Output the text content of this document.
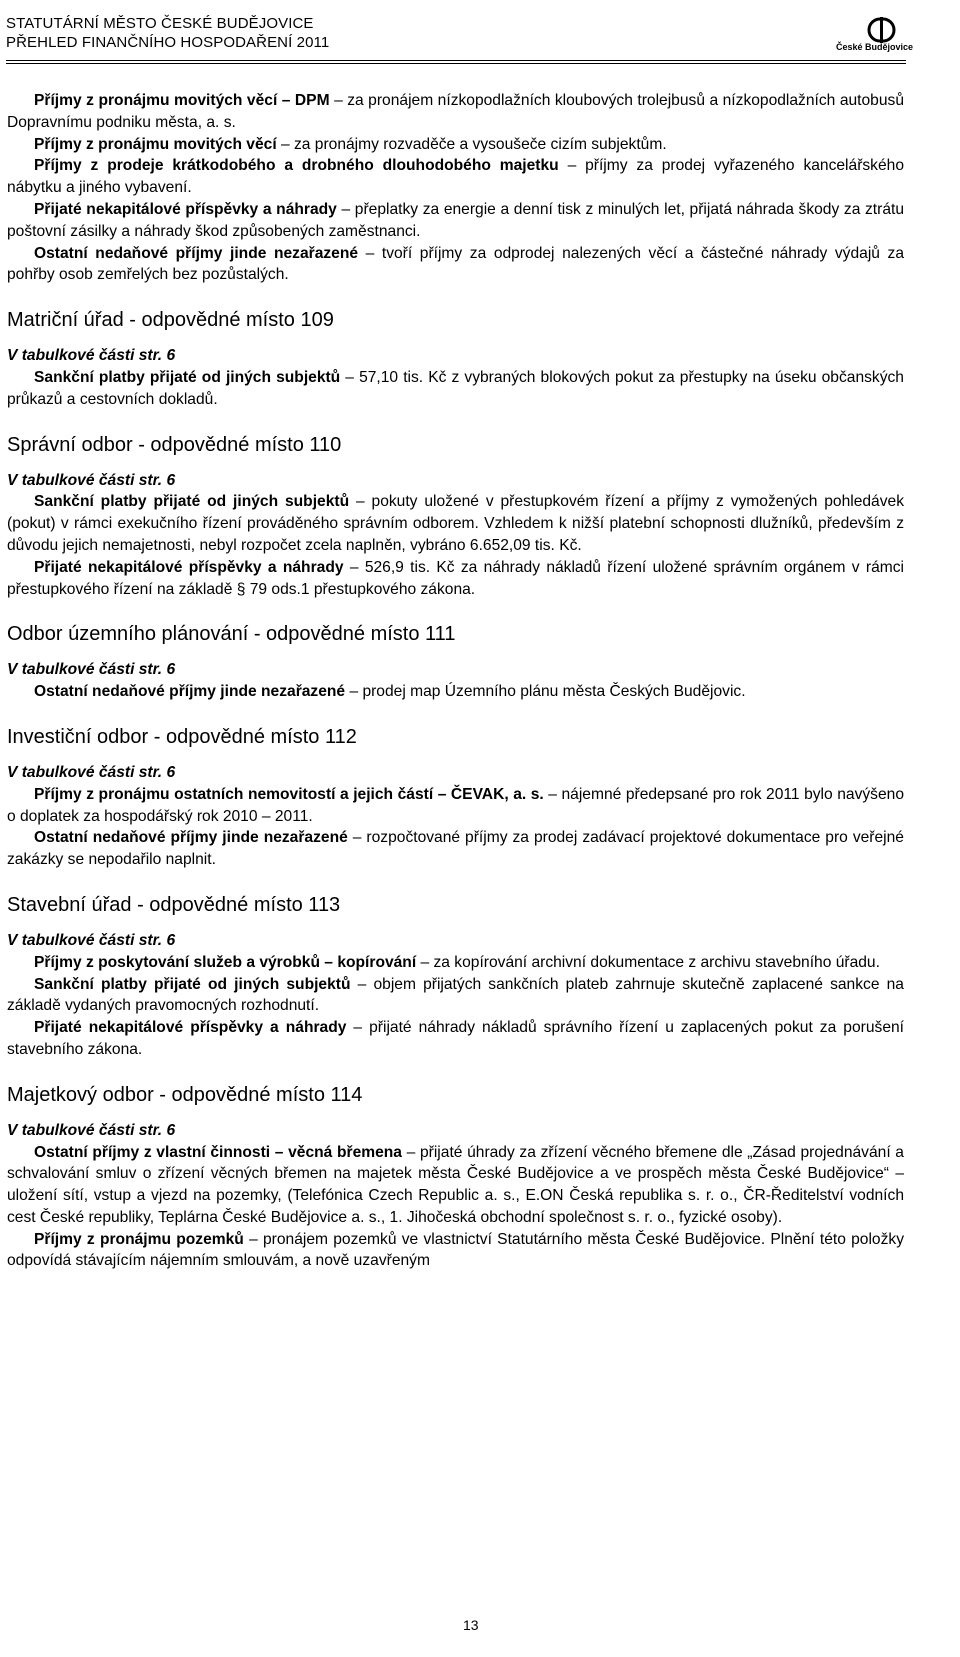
STATUTÁRNÍ MĚSTO ČESKÉ BUDĚJOVICE
PŘEHLED FINANČNÍHO HOSPODAŘENÍ 2011	České Budějovice

Příjmy z pronájmu movitých věcí – DPM – za pronájem nízkopodlažních kloubových trolejbusů a nízkopodlažních autobusů Dopravnímu podniku města, a. s.

Příjmy z pronájmu movitých věcí – za pronájmy rozvaděče a vysoušeče cizím subjektům.

Příjmy z prodeje krátkodobého a drobného dlouhodobého majetku – příjmy za prodej vyřazeného kancelářského nábytku a jiného vybavení.

Přijaté nekapitálové příspěvky a náhrady – přeplatky za energie a denní tisk z minulých let, přijatá náhrada škody za ztrátu poštovní zásilky a náhrady škod způsobených zaměstnanci.

Ostatní nedaňové příjmy jinde nezařazené – tvoří příjmy za odprodej nalezených věcí a částečné náhrady výdajů za pohřby osob zemřelých bez pozůstalých.

Matriční úřad - odpovědné místo 109

V tabulkové části str. 6

Sankční platby přijaté od jiných subjektů – 57,10 tis. Kč z vybraných blokových pokut za přestupky na úseku občanských průkazů a cestovních dokladů.

Správní odbor - odpovědné místo 110

V tabulkové části str. 6

Sankční platby přijaté od jiných subjektů – pokuty uložené v přestupkovém řízení a příjmy z vymožených pohledávek (pokut) v rámci exekučního řízení prováděného správním odborem. Vzhledem k nižší platební schopnosti dlužníků, především z důvodu jejich nemajetnosti, nebyl rozpočet zcela naplněn, vybráno 6.652,09 tis. Kč.

Přijaté nekapitálové příspěvky a náhrady – 526,9 tis. Kč za náhrady nákladů řízení uložené správním orgánem v rámci přestupkového řízení na základě § 79 ods.1 přestupkového zákona.

Odbor územního plánování - odpovědné místo 111

V tabulkové části str. 6

Ostatní nedaňové příjmy jinde nezařazené – prodej map Územního plánu města Českých Budějovic.

Investiční odbor - odpovědné místo 112

V tabulkové části str. 6

Příjmy z pronájmu ostatních nemovitostí a jejich částí – ČEVAK, a. s. – nájemné předepsané pro rok 2011 bylo navýšeno o doplatek za hospodářský rok 2010 – 2011.

Ostatní nedaňové příjmy jinde nezařazené – rozpočtované příjmy za prodej zadávací projektové dokumentace pro veřejné zakázky se nepodařilo naplnit.

Stavební úřad - odpovědné místo 113

V tabulkové části str. 6

Příjmy z poskytování služeb a výrobků – kopírování – za kopírování archivní dokumentace z archivu stavebního úřadu.

Sankční platby přijaté od jiných subjektů – objem přijatých sankčních plateb zahrnuje skutečně zaplacené sankce na základě vydaných pravomocných rozhodnutí.

Přijaté nekapitálové příspěvky a náhrady – přijaté náhrady nákladů správního řízení u zaplacených pokut za porušení stavebního zákona.

Majetkový odbor - odpovědné místo 114

V tabulkové části str. 6

Ostatní příjmy z vlastní činnosti – věcná břemena – přijaté úhrady za zřízení věcného břemene dle „Zásad projednávání a schvalování smluv o zřízení věcných břemen na majetek města České Budějovice a ve prospěch města České Budějovice“ – uložení sítí, vstup a vjezd na pozemky, (Telefónica Czech Republic a. s., E.ON Česká republika s. r. o., ČR-Ředitelství vodních cest České republiky, Teplárna České Budějovice a. s., 1. Jihočeská obchodní společnost s. r. o., fyzické osoby).

Příjmy z pronájmu pozemků – pronájem pozemků ve vlastnictví Statutárního města České Budějovice. Plnění této položky odpovídá stávajícím nájemním smlouvám, a nově uzavřeným

13
